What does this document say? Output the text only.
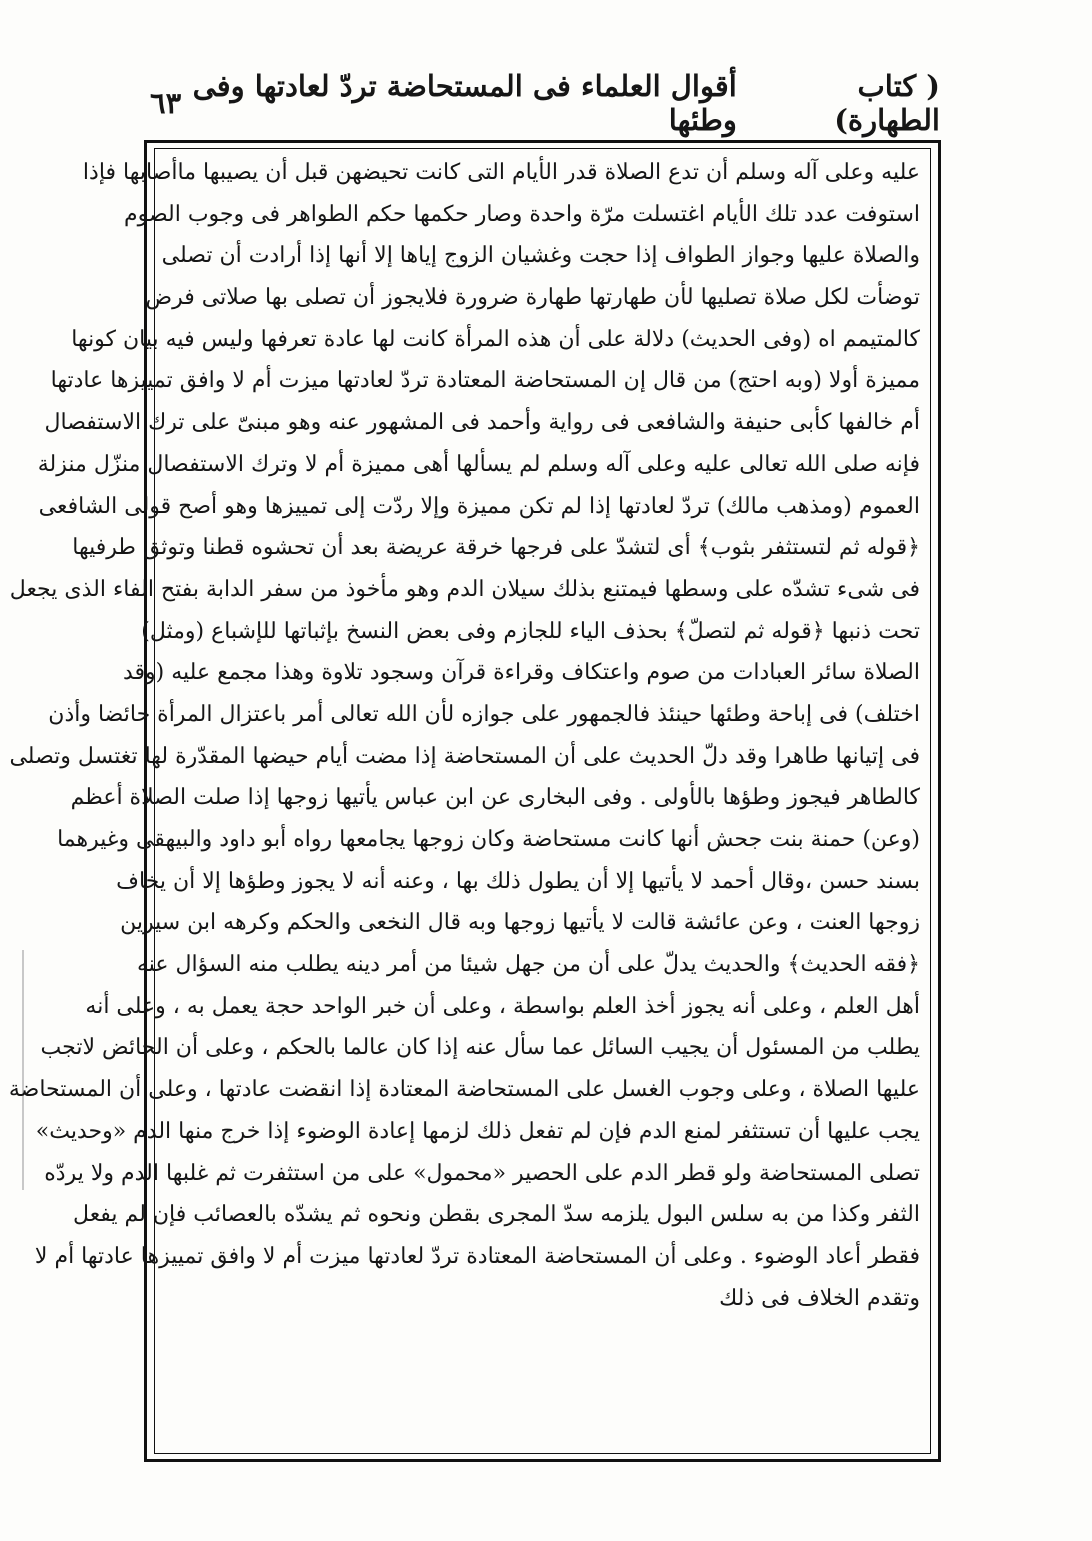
( كتاب الطهارة)
أقوال العلماء فى المستحاضة تردّ لعادتها وفى وطئها
٦٣
عليه وعلى آله وسلم أن تدع الصلاة قدر الأيام التى كانت تحيضهن قبل أن يصيبها ماأصابها فإذا
استوفت عدد تلك الأيام اغتسلت مرّة واحدة وصار حكمها حكم الطواهر فى وجوب الصوم
والصلاة عليها وجواز الطواف إذا حجت وغشيان الزوج إياها إلا أنها إذا أرادت أن تصلى
توضأت لكل صلاة تصليها لأن طهارتها طهارة ضرورة فلايجوز أن تصلى بها صلاتى فرض
كالمتيمم اه (وفى الحديث) دلالة على أن هذه المرأة كانت لها عادة تعرفها وليس فيه بيان كونها
مميزة أولا (وبه احتج) من قال إن المستحاضة المعتادة تردّ لعادتها ميزت أم لا وافق تمييزها عادتها
أم خالفها كأبى حنيفة والشافعى فى رواية وأحمد فى المشهور عنه وهو مبنىّ على ترك الاستفصال
فإنه صلى الله تعالى عليه وعلى آله وسلم لم يسألها أهى مميزة أم لا وترك الاستفصال منزّل منزلة
العموم (ومذهب مالك) تردّ لعادتها إذا لم تكن مميزة وإلا ردّت إلى تمييزها وهو أصح قولى الشافعى
﴿قوله ثم لتستثفر بثوب﴾ أى لتشدّ على فرجها خرقة عريضة بعد أن تحشوه قطنا وتوثق طرفيها
فى شىء تشدّه على وسطها فيمتنع بذلك سيلان الدم وهو مأخوذ من سفر الدابة بفتح الفاء الذى يجعل
تحت ذنبها ﴿قوله ثم لتصلّ﴾ بحذف الياء للجازم وفى بعض النسخ بإثباتها للإشباع (ومثل)
الصلاة سائر العبادات من صوم واعتكاف وقراءة قرآن وسجود تلاوة وهذا مجمع عليه (وقد
اختلف) فى إباحة وطئها حينئذ فالجمهور على جوازه لأن الله تعالى أمر باعتزال المرأة حائضا وأذن
فى إتيانها طاهرا وقد دلّ الحديث على أن المستحاضة إذا مضت أيام حيضها المقدّرة لها تغتسل وتصلى
كالطاهر فيجوز وطؤها بالأولى . وفى البخارى عن ابن عباس يأتيها زوجها إذا صلت الصلاة أعظم
(وعن) حمنة بنت جحش أنها كانت مستحاضة وكان زوجها يجامعها رواه أبو داود والبيهقى وغيرهما
بسند حسن ،وقال أحمد لا يأتيها إلا أن يطول ذلك بها ، وعنه أنه لا يجوز وطؤها إلا أن يخاف
زوجها العنت ، وعن عائشة قالت لا يأتيها زوجها وبه قال النخعى والحكم وكرهه ابن سيرين
﴿فقه الحديث﴾ والحديث يدلّ على أن من جهل شيئا من أمر دينه يطلب منه السؤال عنه
أهل العلم ، وعلى أنه يجوز أخذ العلم بواسطة ، وعلى أن خبر الواحد حجة يعمل به ، وعلى أنه
يطلب من المسئول أن يجيب السائل عما سأل عنه إذا كان عالما بالحكم ، وعلى أن الحائض لاتجب
عليها الصلاة ، وعلى وجوب الغسل على المستحاضة المعتادة إذا انقضت عادتها ، وعلى أن المستحاضة
يجب عليها أن تستثفر لمنع الدم فإن لم تفعل ذلك لزمها إعادة الوضوء إذا خرج منها الدم «وحديث»
تصلى المستحاضة ولو قطر الدم على الحصير «محمول» على من استثفرت ثم غلبها الدم ولا يردّه
الثفر وكذا من به سلس البول يلزمه سدّ المجرى بقطن ونحوه ثم يشدّه بالعصائب فإن لم يفعل
فقطر أعاد الوضوء . وعلى أن المستحاضة المعتادة تردّ لعادتها ميزت أم لا وافق تمييزها عادتها أم لا
وتقدم الخلاف فى ذلك
